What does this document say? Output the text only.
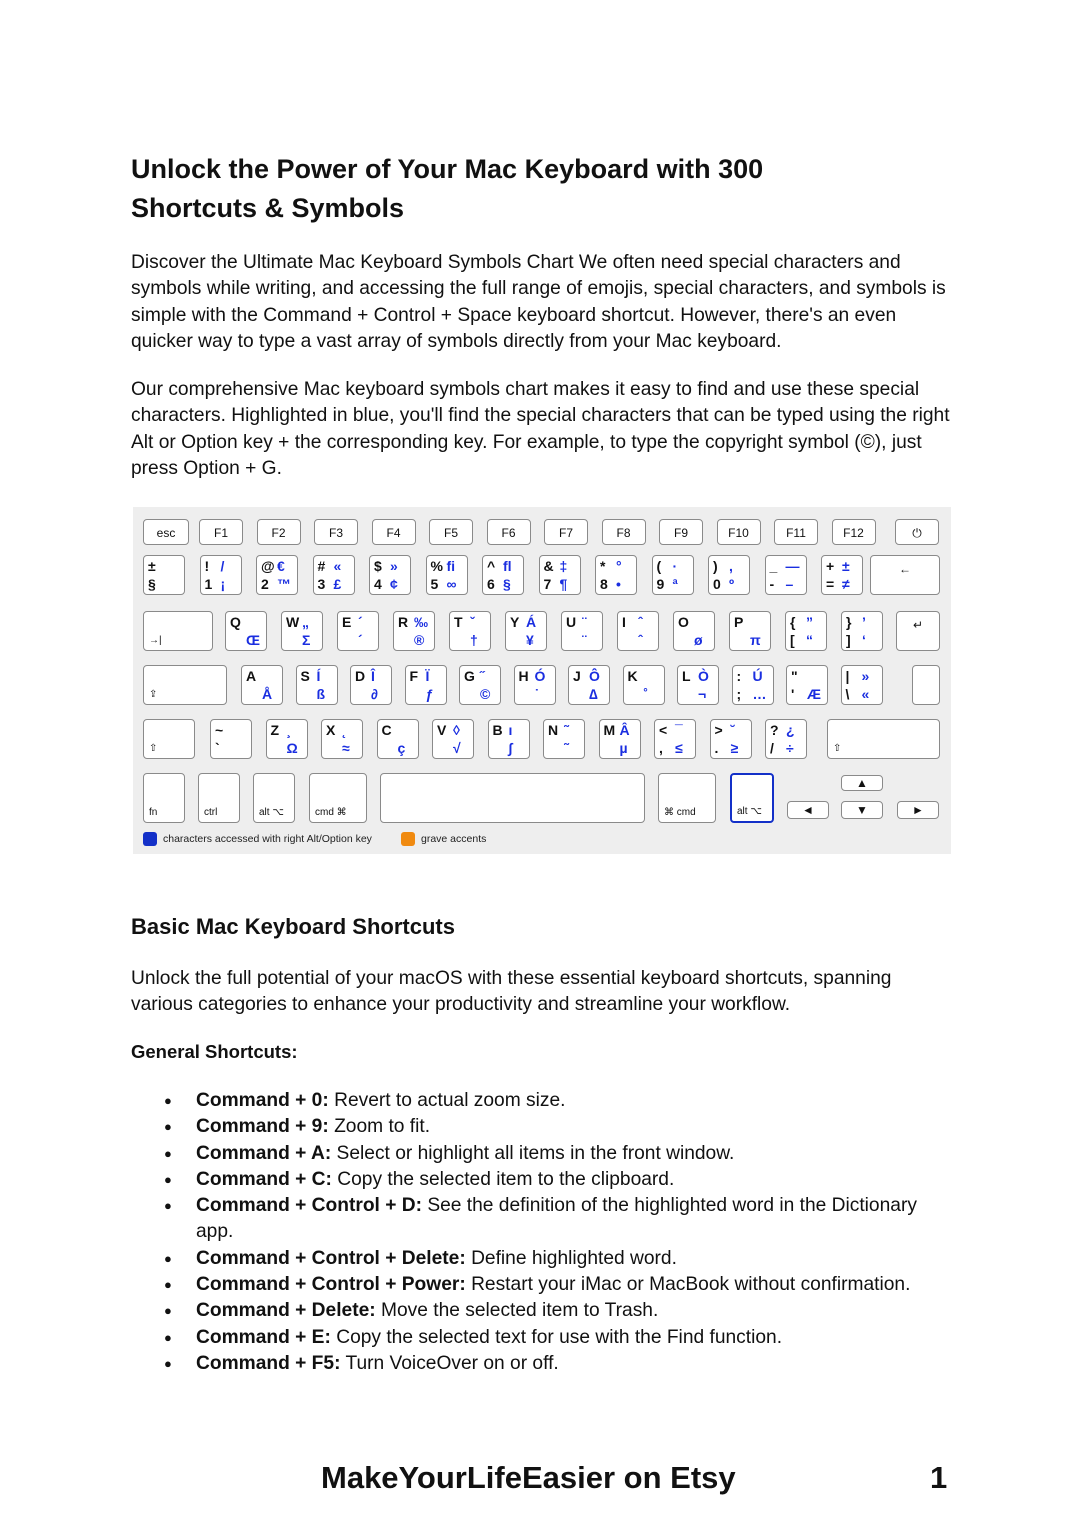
Unlock the Power of Your Mac Keyboard with 300 Shortcuts & Symbols

Discover the Ultimate Mac Keyboard Symbols Chart We often need special characters and symbols while writing, and accessing the full range of emojis, special characters, and symbols is simple with the Command + Control + Space keyboard shortcut. However, there's an even quicker way to type a vast array of symbols directly from your Mac keyboard.

Our comprehensive Mac keyboard symbols chart makes it easy to find and use these special characters. Highlighted in blue, you'll find the special characters that can be typed using the right Alt or Option key + the corresponding key. For example, to type the copyright symbol (©), just press Option + G.

esc	F1	F2	F3	F4	F5	F6	F7	F8	F9	F10	F11	F12	⏻
±
§
! /
1 ¡
@ €
2 ™
# «
3 £
$ »
4 ¢
% ﬁ
5 ∞
^ ﬂ
6 §
& ‡
7 ¶
* °
8 •
( ·
9 ª
) ,
0 º
_ —
- –
+ ±
= ≠
←
→|
Q
Œ
W „
Σ
E ´
´
R ‰
®
T ˇ
†
Y Á
¥
U ¨
¨
I ˆ
ˆ
O
ø
P
π
{ ”
[ “
} ’
] ‘
↵
⇪
A
Å
S Í
ß
D Î
∂
F Ï
ƒ
G ˝
©
H Ó
˙
J Ô
∆
K
˚
L Ò
¬
: Ú
; …
"
' Æ
| »
\ «
⇧
~
`
Z ¸
Ω
X ˛
≈
C
ç
V ◊
√
B ı
∫
N ˜
˜
M Â
µ
< ¯
, ≤
> ˘
. ≥
? ¿
/ ÷	⇧
fn	ctrl	alt ⌥	cmd ⌘	⌘ cmd	alt ⌥
▲
◄	▼	►
characters accessed with right Alt/Option key	grave accents
Basic Mac Keyboard Shortcuts

Unlock the full potential of your macOS with these essential keyboard shortcuts, spanning various categories to enhance your productivity and streamline your workflow.

General Shortcuts:

● Command + 0: Revert to actual zoom size.
● Command + 9: Zoom to fit.
● Command + A: Select or highlight all items in the front window.
● Command + C: Copy the selected item to the clipboard.
● Command + Control + D: See the definition of the highlighted word in the Dictionary app.
● Command + Control + Delete: Define highlighted word.
● Command + Control + Power: Restart your iMac or MacBook without confirmation.
● Command + Delete: Move the selected item to Trash.
● Command + E: Copy the selected text for use with the Find function.
● Command + F5: Turn VoiceOver on or off.
MakeYourLifeEasier on Etsy	1
